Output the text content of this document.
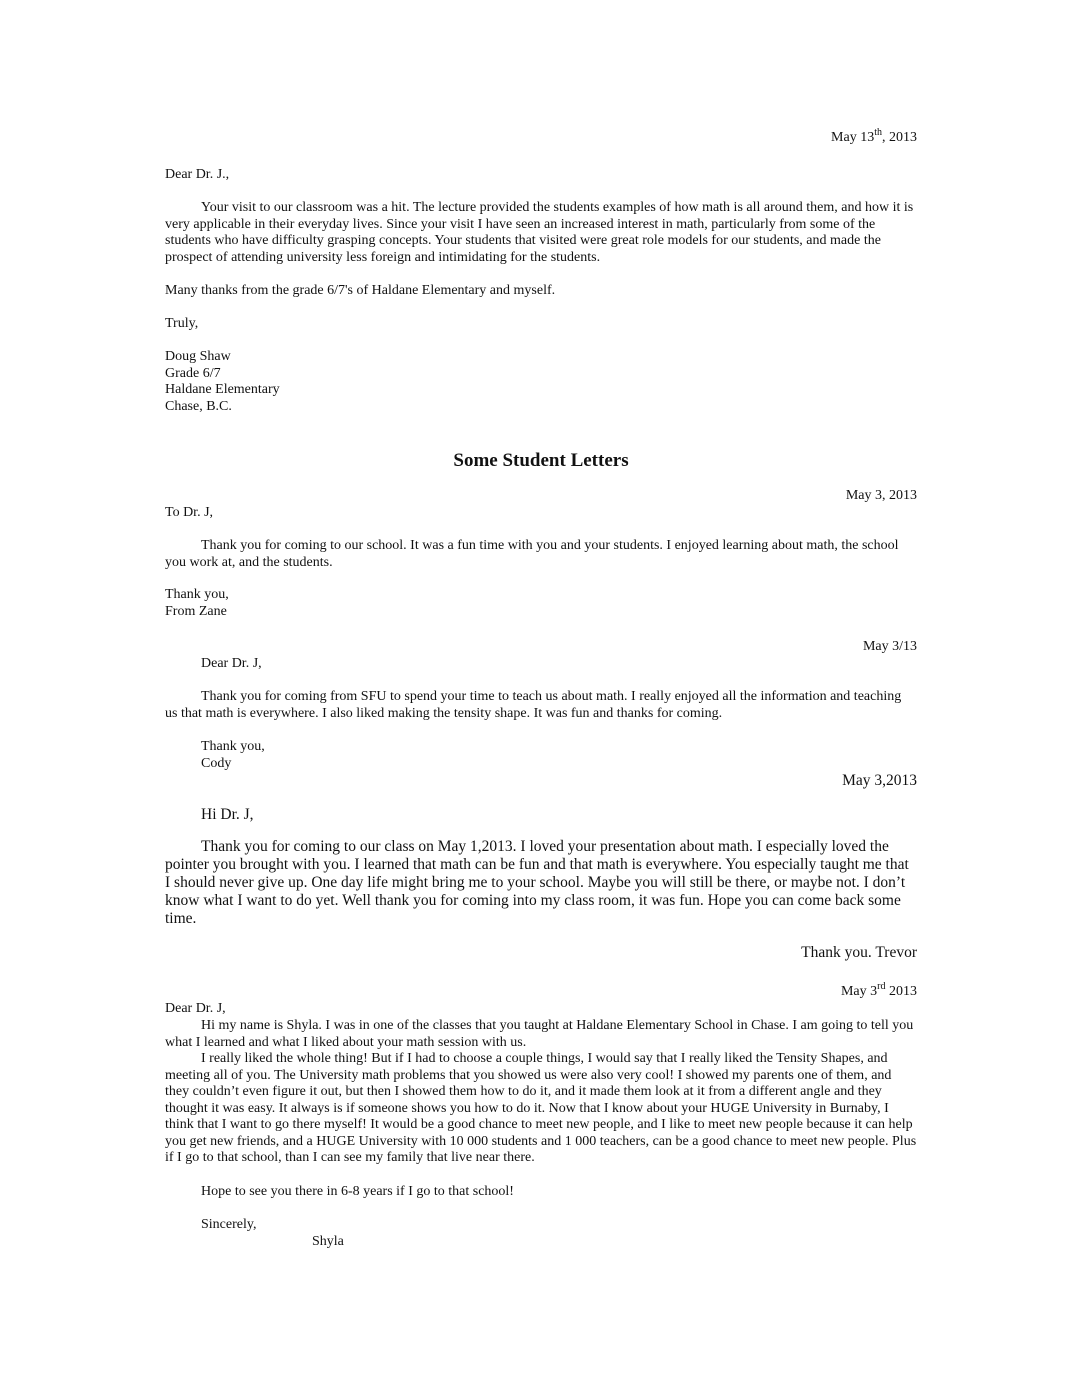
May 13th, 2013
Dear Dr. J.,
Your visit to our classroom was a hit. The lecture provided the students examples of how math is all around them, and how it is very applicable in their everyday lives. Since your visit I have seen an increased interest in math, particularly from some of the students who have difficulty grasping concepts. Your students that visited were great role models for our students, and made the prospect of attending university less foreign and intimidating for the students.
Many thanks from the grade 6/7's of Haldane Elementary and myself.
Truly,
Doug Shaw
Grade 6/7
Haldane Elementary
Chase, B.C.
Some Student Letters
May 3, 2013
To Dr. J,
Thank you for coming to our school. It was a fun time with you and your students. I enjoyed learning about math, the school you work at, and the students.
Thank you,
From Zane
May 3/13
Dear Dr. J,
Thank you for coming from SFU to spend your time to teach us about math. I really enjoyed all the information and teaching us that math is everywhere. I also liked making the tensity shape. It was fun and thanks for coming.
Thank you,
Cody
May 3,2013
Hi Dr. J,
Thank you for coming to our class on May 1,2013. I loved your presentation about math. I especially loved the pointer you brought with you. I learned that math can be fun and that math is everywhere. You especially taught me that I should never give up. One day life might bring me to your school. Maybe you will still be there, or maybe not. I don’t know what I want to do yet. Well thank you for coming into my class room, it was fun. Hope you can come back some time.
Thank you. Trevor
May 3rd 2013
Dear Dr. J,
Hi my name is Shyla. I was in one of the classes that you taught at Haldane Elementary School in Chase. I am going to tell you what I learned and what I liked about your math session with us.
I really liked the whole thing! But if I had to choose a couple things, I would say that I really liked the Tensity Shapes, and meeting all of you. The University math problems that you showed us were also very cool! I showed my parents one of them, and they couldn’t even figure it out, but then I showed them how to do it, and it made them look at it from a different angle and they thought it was easy. It always is if someone shows you how to do it. Now that I know about your HUGE University in Burnaby, I think that I want to go there myself! It would be a good chance to meet new people, and I like to meet new people because it can help you get new friends, and a HUGE University with 10 000 students and 1 000 teachers, can be a good chance to meet new people. Plus if I go to that school, than I can see my family that live near there.
Hope to see you there in 6-8 years if I go to that school!
Sincerely,
Shyla
